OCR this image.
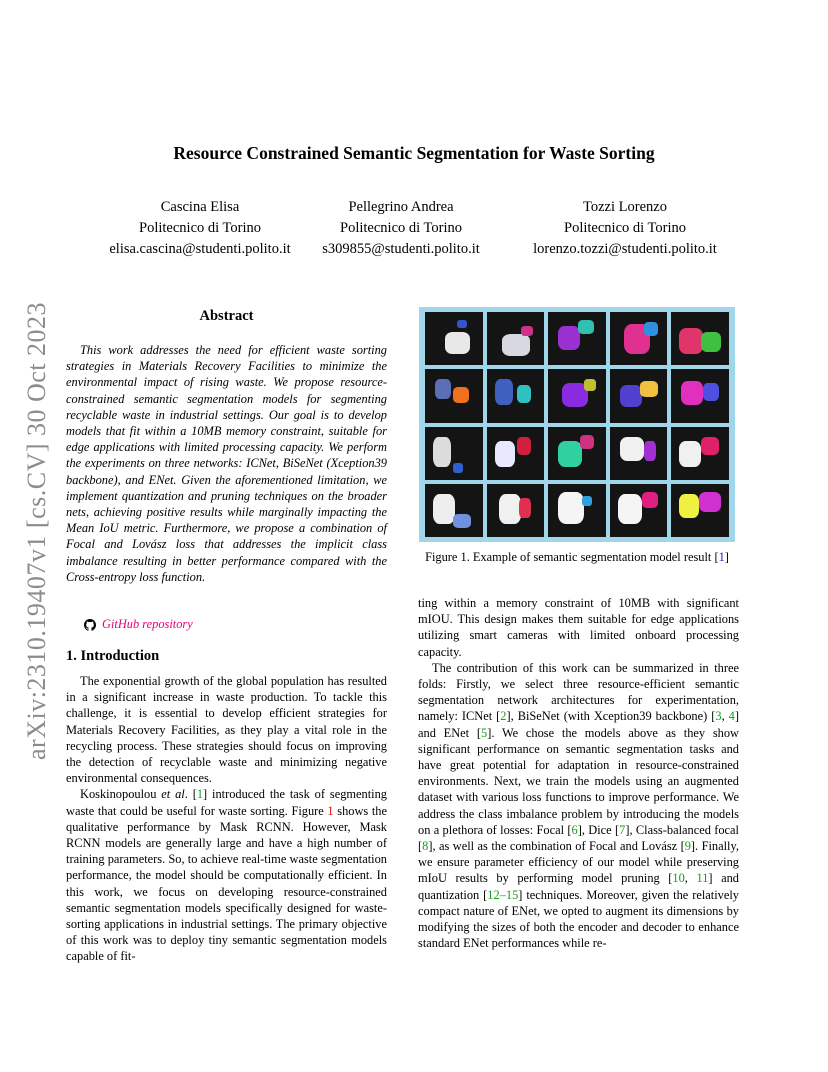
Resource Constrained Semantic Segmentation for Waste Sorting
Cascina Elisa
Politecnico di Torino
elisa.cascina@studenti.polito.it
Pellegrino Andrea
Politecnico di Torino
s309855@studenti.polito.it
Tozzi Lorenzo
Politecnico di Torino
lorenzo.tozzi@studenti.polito.it
arXiv:2310.19407v1 [cs.CV] 30 Oct 2023	Abstract

This work addresses the need for efficient waste sorting strategies in Materials Recovery Facilities to minimize the environmental impact of rising waste. We propose resource-constrained semantic segmentation models for segmenting recyclable waste in industrial settings. Our goal is to develop models that fit within a 10MB memory constraint, suitable for edge applications with limited processing capacity. We perform the experiments on three networks: ICNet, BiSeNet (Xception39 backbone), and ENet. Given the aforementioned limitation, we implement quantization and pruning techniques on the broader nets, achieving positive results while marginally impacting the Mean IoU metric. Furthermore, we propose a combination of Focal and Lovász loss that addresses the implicit class imbalance resulting in better performance compared with the Cross-entropy loss function.

GitHub repository
1. Introduction

The exponential growth of the global population has resulted in a significant increase in waste production. To tackle this challenge, it is essential to develop efficient strategies for Materials Recovery Facilities, as they play a vital role in the recycling process. These strategies should focus on improving the detection of recyclable waste and minimizing negative environmental consequences.

Koskinopoulou et al. [1] introduced the task of segmenting waste that could be useful for waste sorting. Figure 1 shows the qualitative performance by Mask RCNN. However, Mask RCNN models are generally large and have a high number of training parameters. So, to achieve real-time waste segmentation performance, the model should be computationally efficient. In this work, we focus on developing resource-constrained semantic segmentation models specifically designed for waste-sorting applications in industrial settings. The primary objective of this work was to deploy tiny semantic segmentation models capable of fit-

Figure 1. Example of semantic segmentation model result [1]

ting within a memory constraint of 10MB with significant mIOU. This design makes them suitable for edge applications utilizing smart cameras with limited onboard processing capacity.

The contribution of this work can be summarized in three folds: Firstly, we select three resource-efficient semantic segmentation network architectures for experimentation, namely: ICNet [2], BiSeNet (with Xception39 backbone) [3, 4] and ENet [5]. We chose the models above as they show significant performance on semantic segmentation tasks and have great potential for adaptation in resource-constrained environments. Next, we train the models using an augmented dataset with various loss functions to improve performance. We address the class imbalance problem by introducing the models on a plethora of losses: Focal [6], Dice [7], Class-balanced focal [8], as well as the combination of Focal and Lovász [9]. Finally, we ensure parameter efficiency of our model while preserving mIoU results by performing model pruning [10, 11] and quantization [12–15] techniques. Moreover, given the relatively compact nature of ENet, we opted to augment its dimensions by modifying the sizes of both the encoder and decoder to enhance standard ENet performances while re-
